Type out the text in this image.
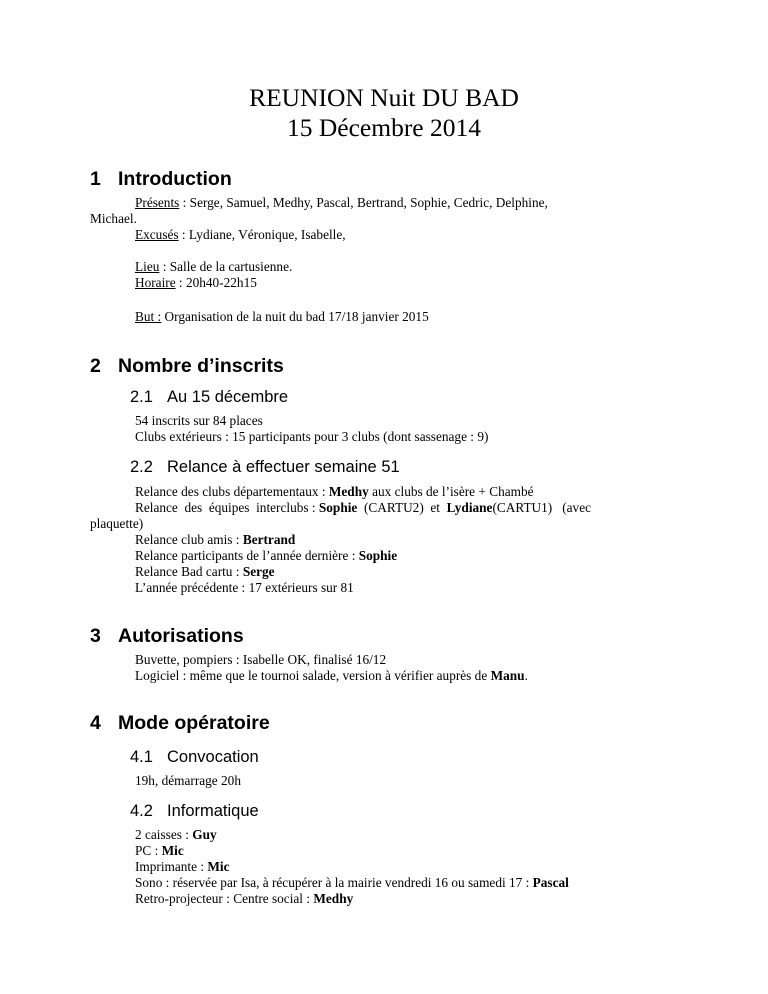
REUNION Nuit DU BAD
15 Décembre 2014
1 Introduction
Présents : Serge, Samuel, Medhy, Pascal, Bertrand, Sophie, Cedric, Delphine,
Michael.
Excusés : Lydiane, Véronique, Isabelle,
Lieu : Salle de la cartusienne.
Horaire : 20h40-22h15
But : Organisation de la nuit du bad 17/18 janvier 2015
2 Nombre d’inscrits
2.1 Au 15 décembre
54 inscrits sur 84 places
Clubs extérieurs : 15 participants pour 3 clubs (dont sassenage : 9)
2.2 Relance à effectuer semaine 51
Relance des clubs départementaux : Medhy aux clubs de l’isère + Chambé
Relance  des  équipes  interclubs : Sophie  (CARTU2)  et  Lydiane(CARTU1)   (avec
plaquette)
Relance club amis : Bertrand
Relance participants de l’année dernière : Sophie
Relance Bad cartu : Serge
L’année précédente : 17 extérieurs sur 81
3 Autorisations
Buvette, pompiers : Isabelle OK, finalisé 16/12
Logiciel : même que le tournoi salade, version à vérifier auprès de Manu.
4 Mode opératoire
4.1 Convocation
19h, démarrage 20h
4.2 Informatique
2 caisses : Guy
PC : Mic
Imprimante : Mic
Sono : réservée par Isa, à récupérer à la mairie vendredi 16 ou samedi 17 : Pascal
Retro-projecteur : Centre social : Medhy
